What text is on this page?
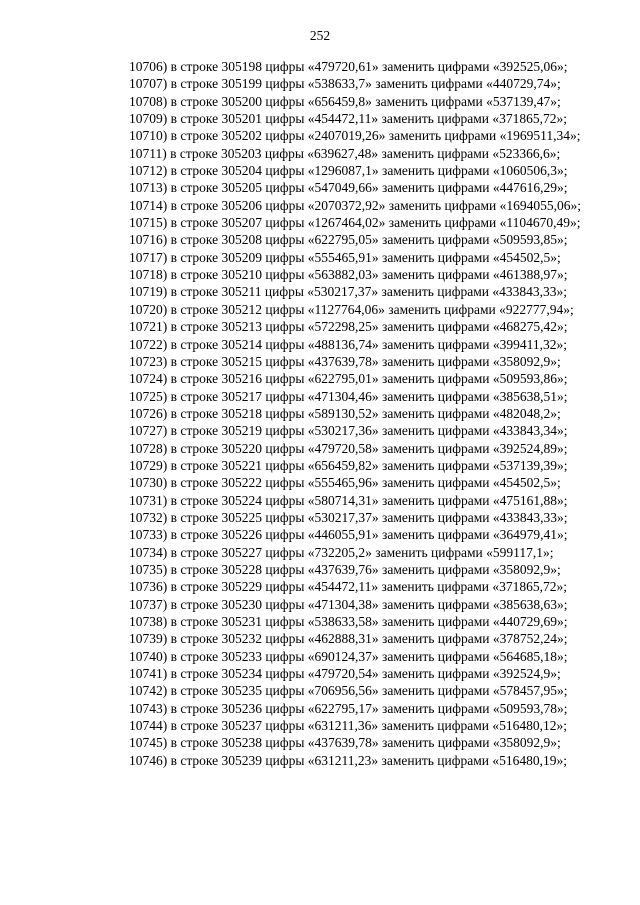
252
10706) в строке 305198 цифры «479720,61» заменить цифрами «392525,06»;
10707) в строке 305199 цифры «538633,7» заменить цифрами «440729,74»;
10708) в строке 305200 цифры «656459,8» заменить цифрами «537139,47»;
10709) в строке 305201 цифры «454472,11» заменить цифрами «371865,72»;
10710) в строке 305202 цифры «2407019,26» заменить цифрами «1969511,34»;
10711) в строке 305203 цифры «639627,48» заменить цифрами «523366,6»;
10712) в строке 305204 цифры «1296087,1» заменить цифрами «1060506,3»;
10713) в строке 305205 цифры «547049,66» заменить цифрами «447616,29»;
10714) в строке 305206 цифры «2070372,92» заменить цифрами «1694055,06»;
10715) в строке 305207 цифры «1267464,02» заменить цифрами «1104670,49»;
10716) в строке 305208 цифры «622795,05» заменить цифрами «509593,85»;
10717) в строке 305209 цифры «555465,91» заменить цифрами «454502,5»;
10718) в строке 305210 цифры «563882,03» заменить цифрами «461388,97»;
10719) в строке 305211 цифры «530217,37» заменить цифрами «433843,33»;
10720) в строке 305212 цифры «1127764,06» заменить цифрами «922777,94»;
10721) в строке 305213 цифры «572298,25» заменить цифрами «468275,42»;
10722) в строке 305214 цифры «488136,74» заменить цифрами «399411,32»;
10723) в строке 305215 цифры «437639,78» заменить цифрами «358092,9»;
10724) в строке 305216 цифры «622795,01» заменить цифрами «509593,86»;
10725) в строке 305217 цифры «471304,46» заменить цифрами «385638,51»;
10726) в строке 305218 цифры «589130,52» заменить цифрами «482048,2»;
10727) в строке 305219 цифры «530217,36» заменить цифрами «433843,34»;
10728) в строке 305220 цифры «479720,58» заменить цифрами «392524,89»;
10729) в строке 305221 цифры «656459,82» заменить цифрами «537139,39»;
10730) в строке 305222 цифры «555465,96» заменить цифрами «454502,5»;
10731) в строке 305224 цифры «580714,31» заменить цифрами «475161,88»;
10732) в строке 305225 цифры «530217,37» заменить цифрами «433843,33»;
10733) в строке 305226 цифры «446055,91» заменить цифрами «364979,41»;
10734) в строке 305227 цифры «732205,2» заменить цифрами «599117,1»;
10735) в строке 305228 цифры «437639,76» заменить цифрами «358092,9»;
10736) в строке 305229 цифры «454472,11» заменить цифрами «371865,72»;
10737) в строке 305230 цифры «471304,38» заменить цифрами «385638,63»;
10738) в строке 305231 цифры «538633,58» заменить цифрами «440729,69»;
10739) в строке 305232 цифры «462888,31» заменить цифрами «378752,24»;
10740) в строке 305233 цифры «690124,37» заменить цифрами «564685,18»;
10741) в строке 305234 цифры «479720,54» заменить цифрами «392524,9»;
10742) в строке 305235 цифры «706956,56» заменить цифрами «578457,95»;
10743) в строке 305236 цифры «622795,17» заменить цифрами «509593,78»;
10744) в строке 305237 цифры «631211,36» заменить цифрами «516480,12»;
10745) в строке 305238 цифры «437639,78» заменить цифрами «358092,9»;
10746) в строке 305239 цифры «631211,23» заменить цифрами «516480,19»;
